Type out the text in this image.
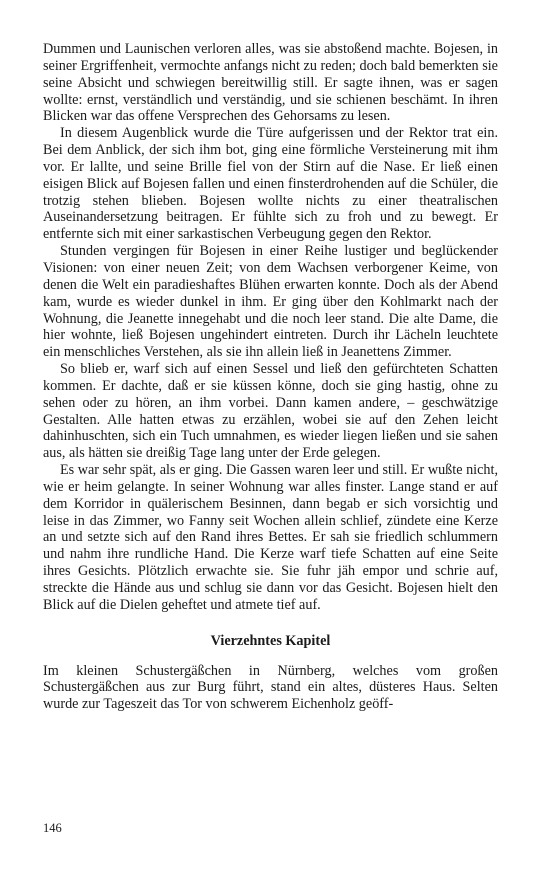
Dummen und Launischen verloren alles, was sie abstoßend machte. Bojesen, in seiner Ergriffenheit, vermochte anfangs nicht zu reden; doch bald bemerkten sie seine Absicht und schwiegen bereitwillig still. Er sagte ihnen, was er sagen wollte: ernst, verständlich und verständig, und sie schienen beschämt. In ihren Blicken war das offene Versprechen des Gehorsams zu lesen.

In diesem Augenblick wurde die Türe aufgerissen und der Rektor trat ein. Bei dem Anblick, der sich ihm bot, ging eine förmliche Versteinerung mit ihm vor. Er lallte, und seine Brille fiel von der Stirn auf die Nase. Er ließ einen eisigen Blick auf Bojesen fallen und einen finsterdrohenden auf die Schüler, die trotzig stehen blieben. Bojesen wollte nichts zu einer theatralischen Auseinandersetzung beitragen. Er fühlte sich zu froh und zu bewegt. Er entfernte sich mit einer sarkastischen Verbeugung gegen den Rektor.

Stunden vergingen für Bojesen in einer Reihe lustiger und beglückender Visionen: von einer neuen Zeit; von dem Wachsen verborgener Keime, von denen die Welt ein paradieshaftes Blühen erwarten konnte. Doch als der Abend kam, wurde es wieder dunkel in ihm. Er ging über den Kohlmarkt nach der Wohnung, die Jeanette innegehabt und die noch leer stand. Die alte Dame, die hier wohnte, ließ Bojesen ungehindert eintreten. Durch ihr Lächeln leuchtete ein menschliches Verstehen, als sie ihn allein ließ in Jeanettens Zimmer.

So blieb er, warf sich auf einen Sessel und ließ den gefürchteten Schatten kommen. Er dachte, daß er sie küssen könne, doch sie ging hastig, ohne zu sehen oder zu hören, an ihm vorbei. Dann kamen andere, – geschwätzige Gestalten. Alle hatten etwas zu erzählen, wobei sie auf den Zehen leicht dahinhuschten, sich ein Tuch umnahmen, es wieder liegen ließen und sie sahen aus, als hätten sie dreißig Tage lang unter der Erde gelegen.

Es war sehr spät, als er ging. Die Gassen waren leer und still. Er wußte nicht, wie er heim gelangte. In seiner Wohnung war alles finster. Lange stand er auf dem Korridor in quälerischem Besinnen, dann begab er sich vorsichtig und leise in das Zimmer, wo Fanny seit Wochen allein schlief, zündete eine Kerze an und setzte sich auf den Rand ihres Bettes. Er sah sie friedlich schlummern und nahm ihre rundliche Hand. Die Kerze warf tiefe Schatten auf eine Seite ihres Gesichts. Plötzlich erwachte sie. Sie fuhr jäh empor und schrie auf, streckte die Hände aus und schlug sie dann vor das Gesicht. Bojesen hielt den Blick auf die Dielen geheftet und atmete tief auf.

Vierzehntes Kapitel

Im kleinen Schustergäßchen in Nürnberg, welches vom großen Schustergäßchen aus zur Burg führt, stand ein altes, düsteres Haus. Selten wurde zur Tageszeit das Tor von schwerem Eichenholz geöff-

146
